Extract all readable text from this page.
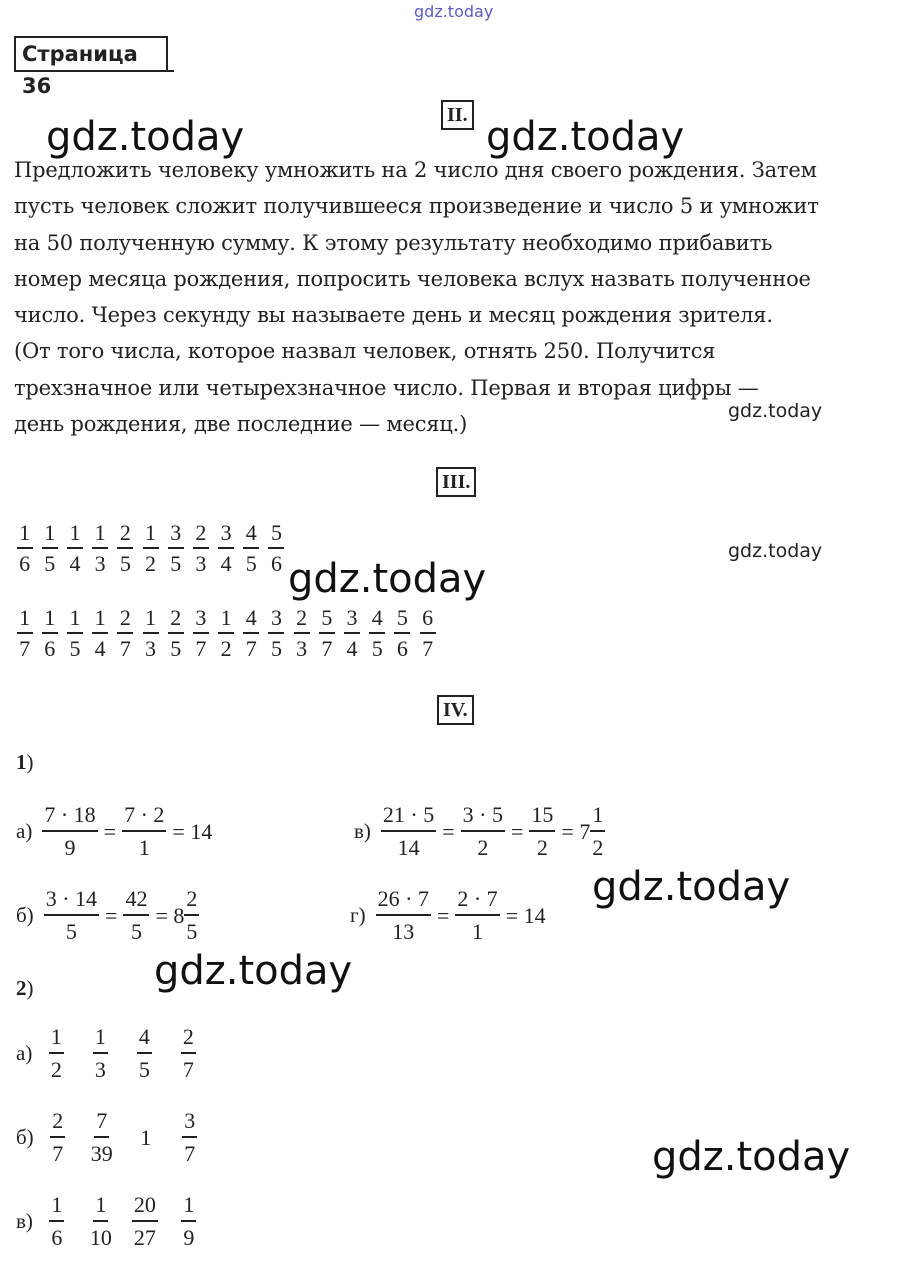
gdz.today
Страница 36
gdz.today	gdz.today
gdz.today
gdz.today
gdz.today
gdz.today
gdz.today
gdz.today
II.
Предложить человеку умножить на 2 число дня своего рождения. Затем
пусть человек сложит получившееся произведение и число 5 и умножит
на 50 полученную сумму. К этому результату необходимо прибавить
номер месяца рождения, попросить человека вслух назвать полученное
число. Через секунду вы называете день и месяц рождения зрителя.
(От того числа, которое назвал человек, отнять 250. Получится
трехзначное или четырехзначное число. Первая и вторая цифры —
день рождения, две последние — месяц.)
III.
$\frac{1}{6} \frac{1}{5} \frac{1}{4} \frac{1}{3} \frac{2}{5} \frac{1}{2} \frac{3}{5} \frac{2}{3} \frac{3}{4} \frac{4}{5} \frac{5}{6}$
$\frac{1}{7} \frac{1}{6} \frac{1}{5} \frac{1}{4} \frac{2}{7} \frac{1}{3} \frac{2}{5} \frac{3}{7} \frac{1}{2} \frac{4}{7} \frac{3}{5} \frac{2}{3} \frac{5}{7} \frac{3}{4} \frac{4}{5} \frac{5}{6} \frac{6}{7}$
IV.
1)
$а) \frac{7 \cdot 18}{9} = \frac{7 \cdot 2}{1} = 14$	$в) \frac{21 \cdot 5}{14} = \frac{3 \cdot 5}{2} = \frac{15}{2} = 7 \frac{1}{2}$
$б) \frac{3 \cdot 14}{5} = \frac{42}{5} = 8 \frac{2}{5}$	$г) \frac{26 \cdot 7}{13} = \frac{2 \cdot 7}{1} = 14$
2)
$а) \frac{1}{2} \frac{1}{3} \frac{4}{5} \frac{2}{7}$
$б) \frac{2}{7} \frac{7}{39} 1 \frac{3}{7}$
$в) \frac{1}{6} \frac{1}{10} \frac{20}{27} \frac{1}{9}$
